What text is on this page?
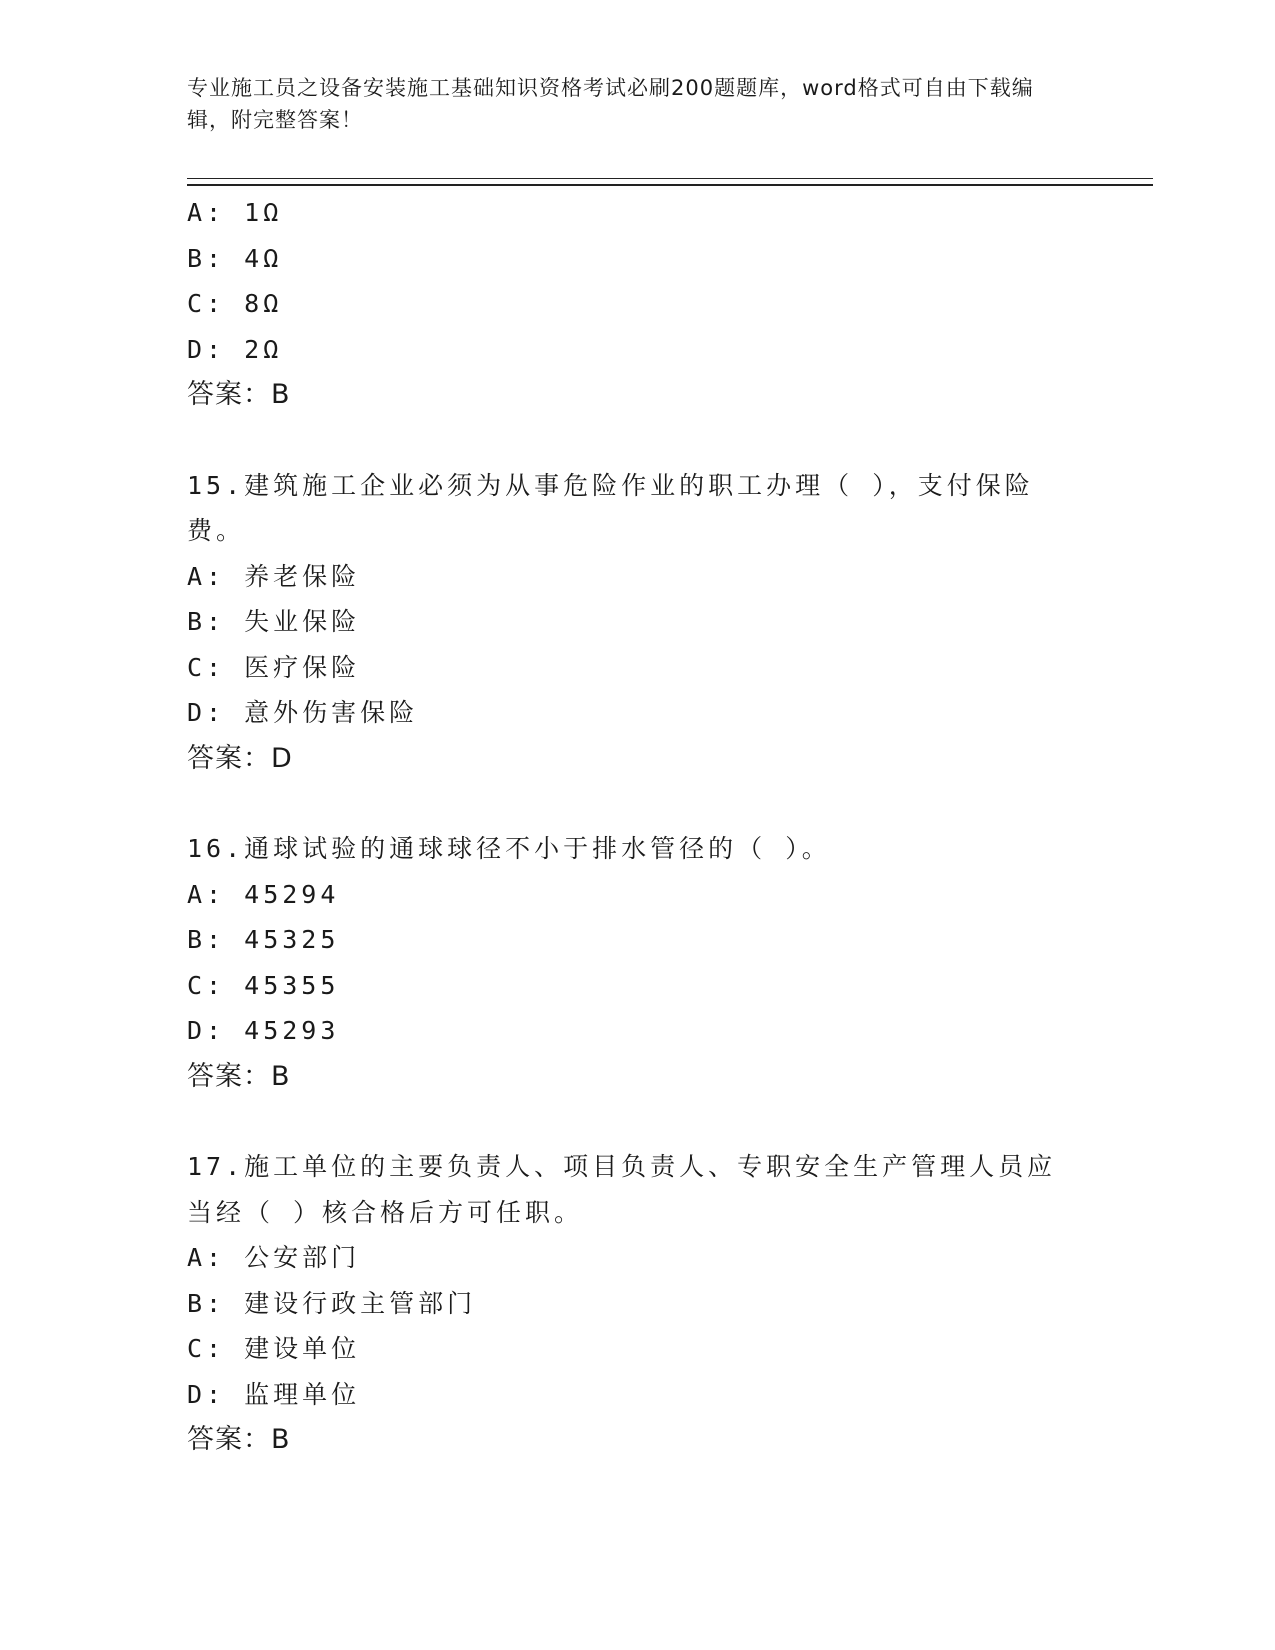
专业施工员之设备安装施工基础知识资格考试必刷200题题库，word格式可自由下载编辑，附完整答案！
A: 1Ω
B: 4Ω
C: 8Ω
D: 2Ω
答案：B
15.建筑施工企业必须为从事危险作业的职工办理（ ），支付保险费。
A: 养老保险
B: 失业保险
C: 医疗保险
D: 意外伤害保险
答案：D
16.通球试验的通球球径不小于排水管径的（ ）。
A: 45294
B: 45325
C: 45355
D: 45293
答案：B
17.施工单位的主要负责人、项目负责人、专职安全生产管理人员应当经（ ）核合格后方可任职。
A: 公安部门
B: 建设行政主管部门
C: 建设单位
D: 监理单位
答案：B
